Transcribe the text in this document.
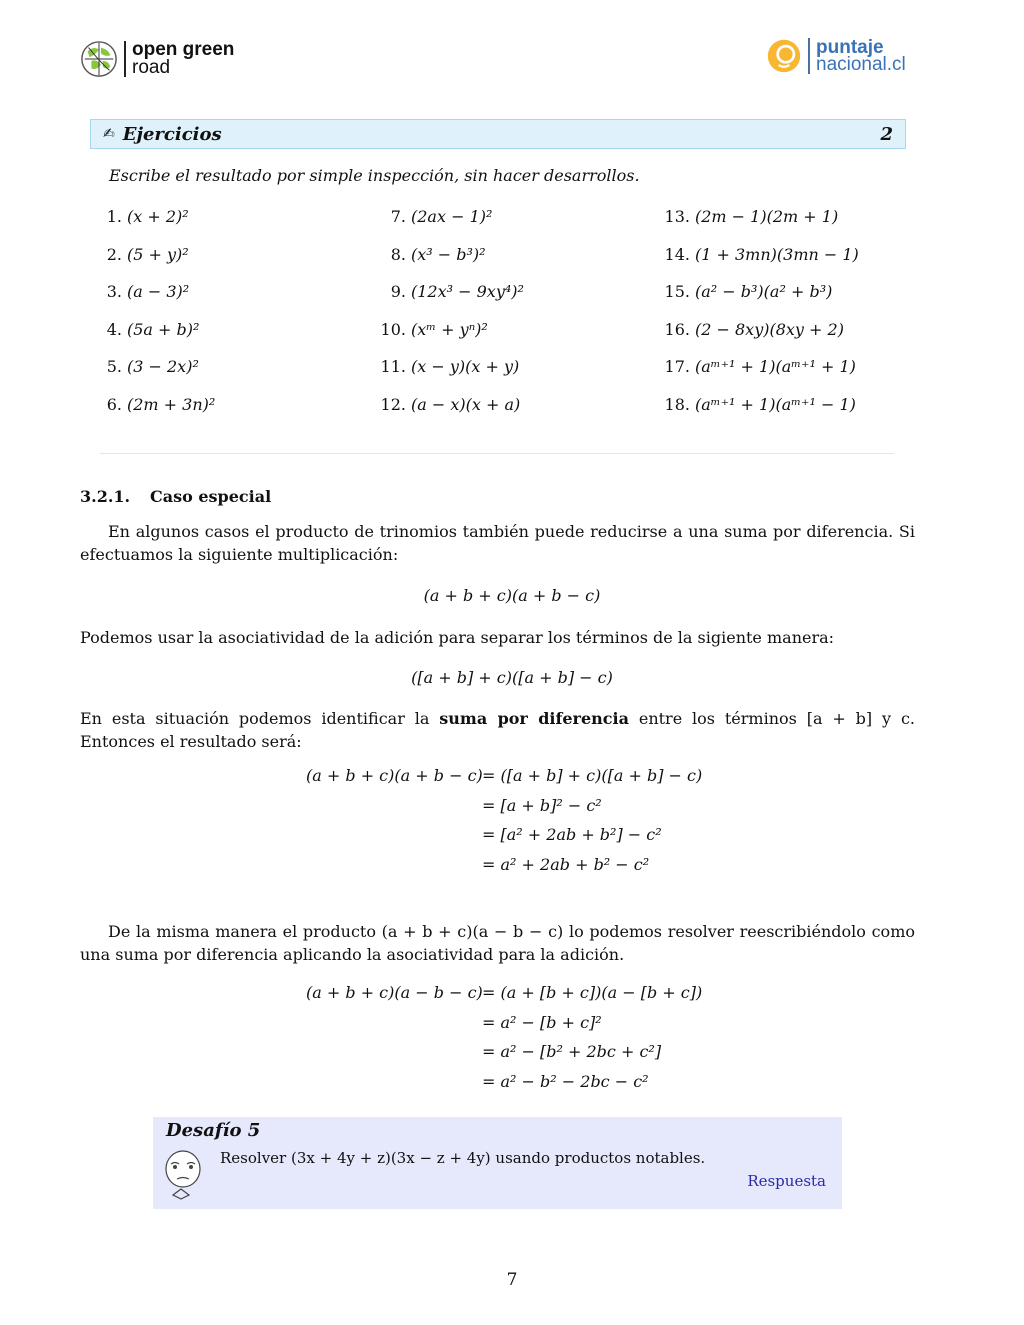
open green
road
puntaje
nacional.cl
✍ Ejercicios	2
Escribe el resultado por simple inspección, sin hacer desarrollos.
1. (x + 2)²
2. (5 + y)²
3. (a − 3)²
4. (5a + b)²
5. (3 − 2x)²
6. (2m + 3n)²
7. (2ax − 1)²
8. (x³ − b³)²
9. (12x³ − 9xy⁴)²
10. (xᵐ + yⁿ)²
11. (x − y)(x + y)
12. (a − x)(x + a)
13. (2m − 1)(2m + 1)
14. (1 + 3mn)(3mn − 1)
15. (a² − b³)(a² + b³)
16. (2 − 8xy)(8xy + 2)
17. (aᵐ⁺¹ + 1)(aᵐ⁺¹ + 1)
18. (aᵐ⁺¹ + 1)(aᵐ⁺¹ − 1)
3.2.1. Caso especial
En algunos casos el producto de trinomios también puede reducirse a una suma por diferencia. Si efectuamos la siguiente multiplicación:
(a + b + c)(a + b − c)
Podemos usar la asociatividad de la adición para separar los términos de la sigiente manera:
([a + b] + c)([a + b] − c)
En esta situación podemos identificar la suma por diferencia entre los términos [a + b] y c. Entonces el resultado será:
(a + b + c)(a + b − c)= ([a + b] + c)([a + b] − c)
= [a + b]² − c²
= [a² + 2ab + b²] − c²
= a² + 2ab + b² − c²
De la misma manera el producto (a + b + c)(a − b − c) lo podemos resolver reescribiéndolo como una suma por diferencia aplicando la asociatividad para la adición.
(a + b + c)(a − b − c)= (a + [b + c])(a − [b + c])
= a² − [b + c]²
= a² − [b² + 2bc + c²]
= a² − b² − 2bc − c²
Desafío 5
Resolver (3x + 4y + z)(3x − z + 4y) usando productos notables.
Respuesta
7
